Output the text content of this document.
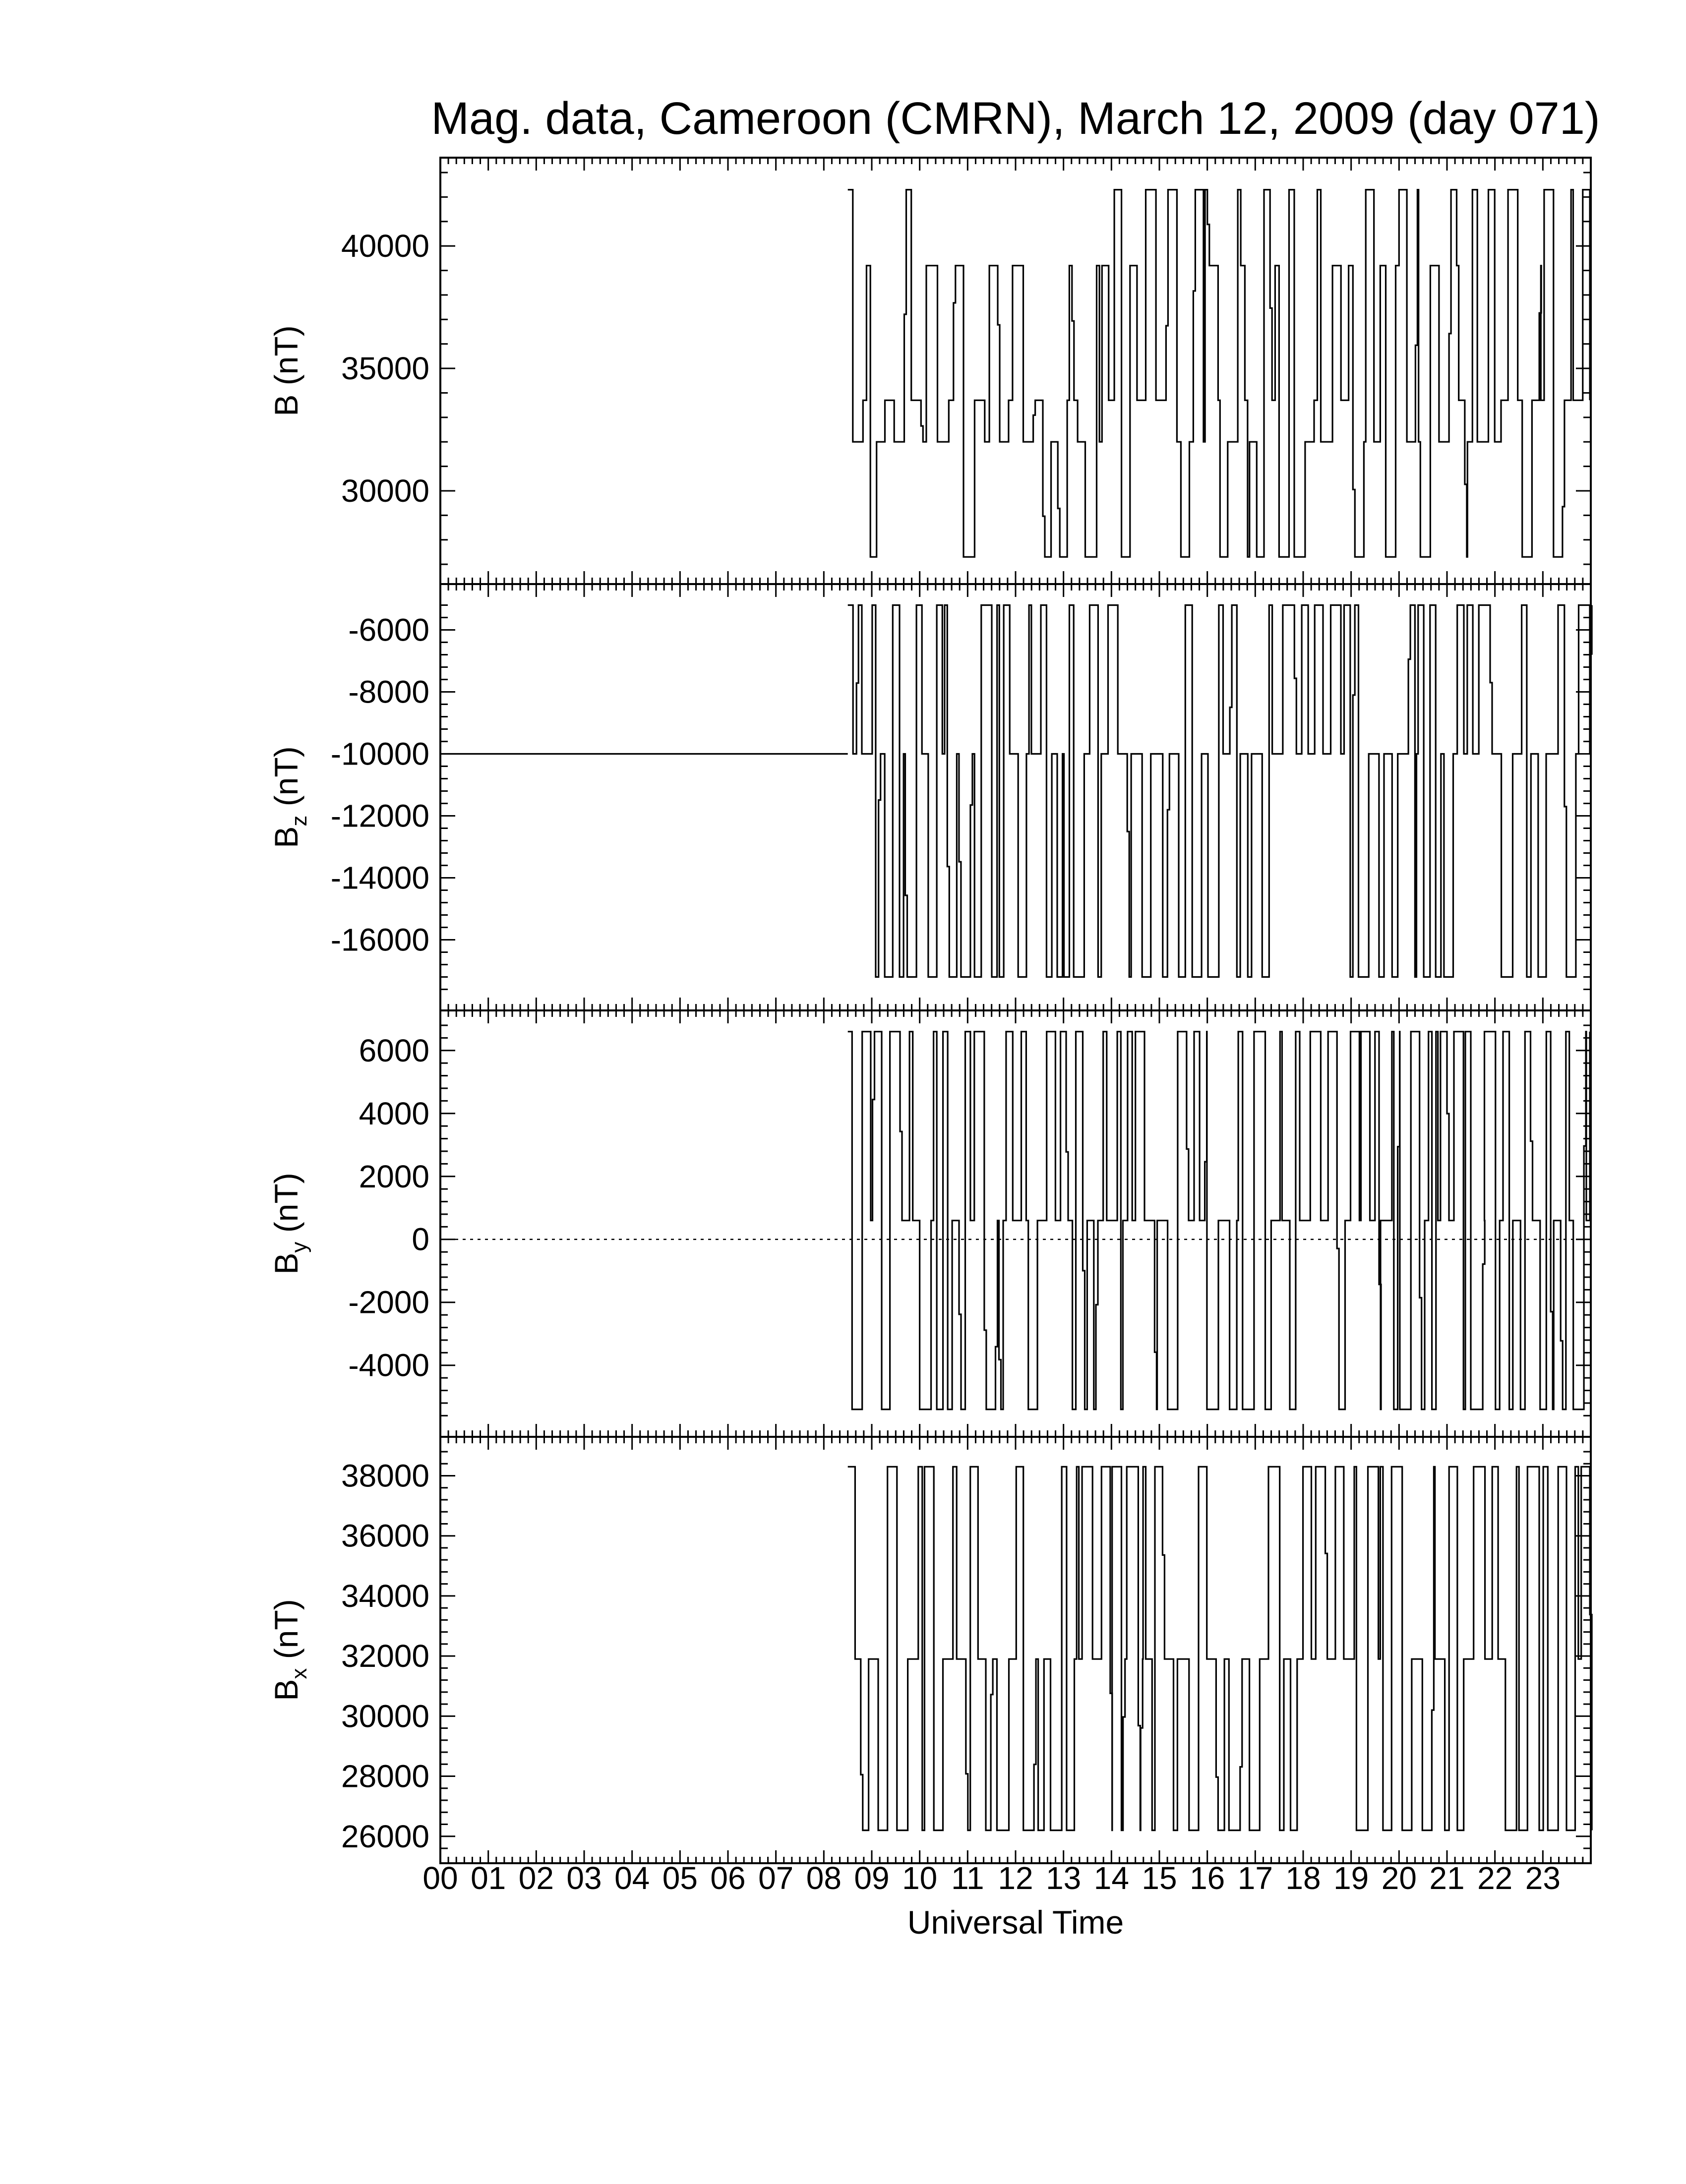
Mag. data, Cameroon (CMRN), March 12, 2009 (day 071)
30000
35000
40000
B (nT)
-16000
-14000
-12000
-10000
-8000
-6000
$B_z$ (nT)
-4000
-2000
0
2000
4000
6000
$B_y$ (nT)
26000
28000
30000
32000
34000
36000
38000
$B_x$ (nT)
00 01 02 03 04 05 06 07 08 09 10 11 12 13 14 15 16 17 18 19 20 21 22 23
Universal Time
